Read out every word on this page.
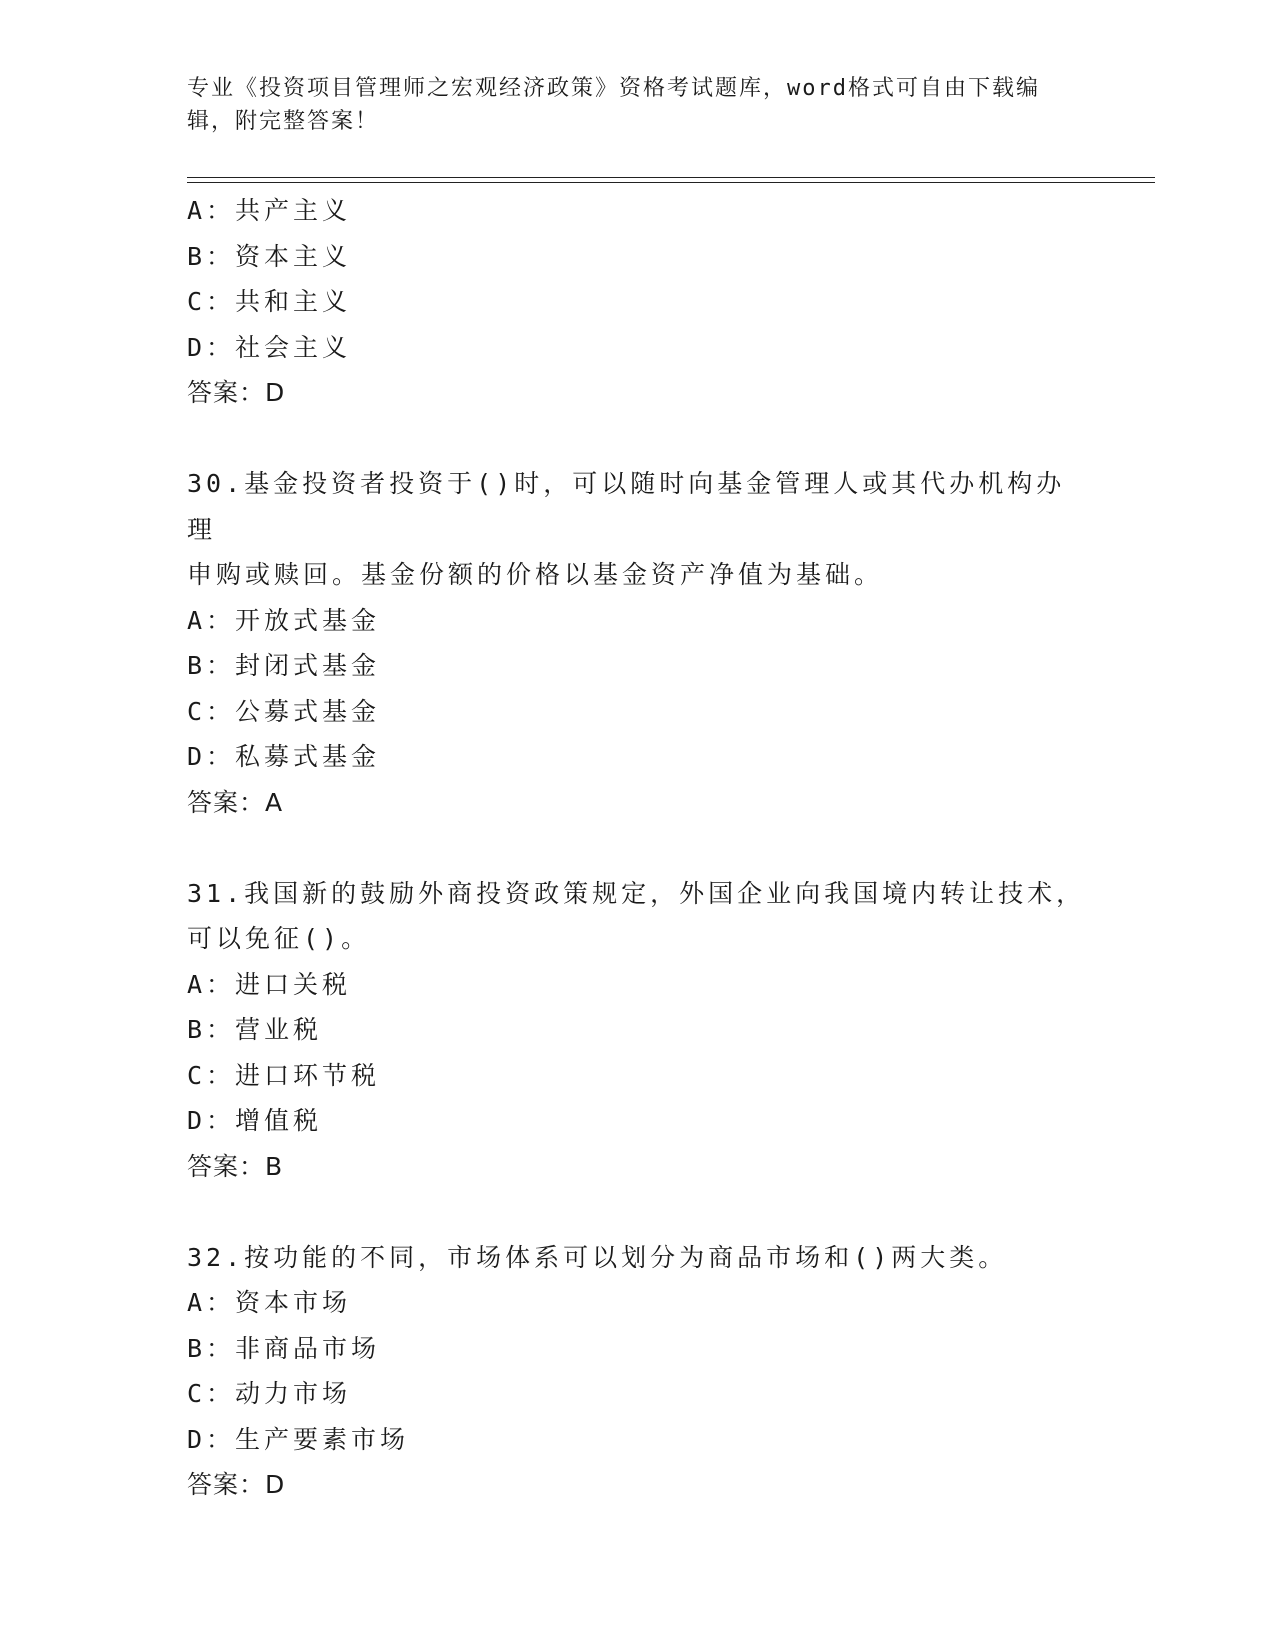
专业《投资项目管理师之宏观经济政策》资格考试题库，word格式可自由下载编辑，附完整答案！
A：共产主义
B：资本主义
C：共和主义
D：社会主义
答案：D
30.基金投资者投资于()时，可以随时向基金管理人或其代办机构办理
申购或赎回。基金份额的价格以基金资产净值为基础。
A：开放式基金
B：封闭式基金
C：公募式基金
D：私募式基金
答案：A
31.我国新的鼓励外商投资政策规定，外国企业向我国境内转让技术，
可以免征()。
A：进口关税
B：营业税
C：进口环节税
D：增值税
答案：B
32.按功能的不同，市场体系可以划分为商品市场和()两大类。
A：资本市场
B：非商品市场
C：动力市场
D：生产要素市场
答案：D
